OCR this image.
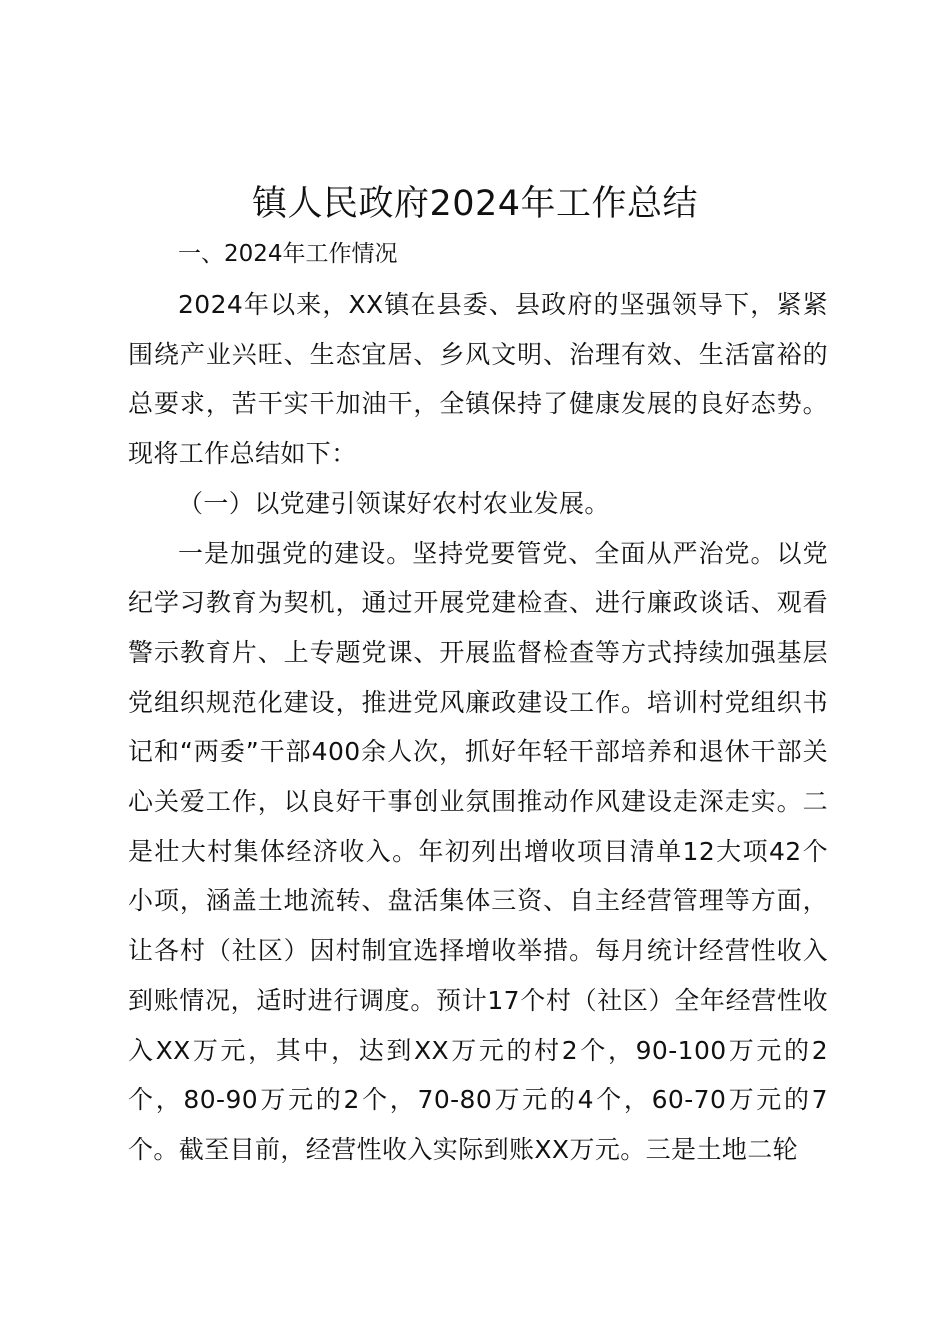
镇人民政府2024年工作总结
一、2024年工作情况

2024年以来，XX镇在县委、县政府的坚强领导下，紧紧围绕产业兴旺、生态宜居、乡风文明、治理有效、生活富裕的总要求，苦干实干加油干，全镇保持了健康发展的良好态势。现将工作总结如下：

（一）以党建引领谋好农村农业发展。

一是加强党的建设。坚持党要管党、全面从严治党。以党纪学习教育为契机，通过开展党建检查、进行廉政谈话、观看警示教育片、上专题党课、开展监督检查等方式持续加强基层党组织规范化建设，推进党风廉政建设工作。培训村党组织书记和“两委”干部400余人次，抓好年轻干部培养和退休干部关心关爱工作，以良好干事创业氛围推动作风建设走深走实。二是壮大村集体经济收入。年初列出增收项目清单12大项42个小项，涵盖土地流转、盘活集体三资、自主经营管理等方面，让各村（社区）因村制宜选择增收举措。每月统计经营性收入到账情况，适时进行调度。预计17个村（社区）全年经营性收入XX万元，其中，达到XX万元的村2个，90-100万元的2个，80-90万元的2个，70-80万元的4个，60-70万元的7个。截至目前，经营性收入实际到账XX万元。三是土地二轮
